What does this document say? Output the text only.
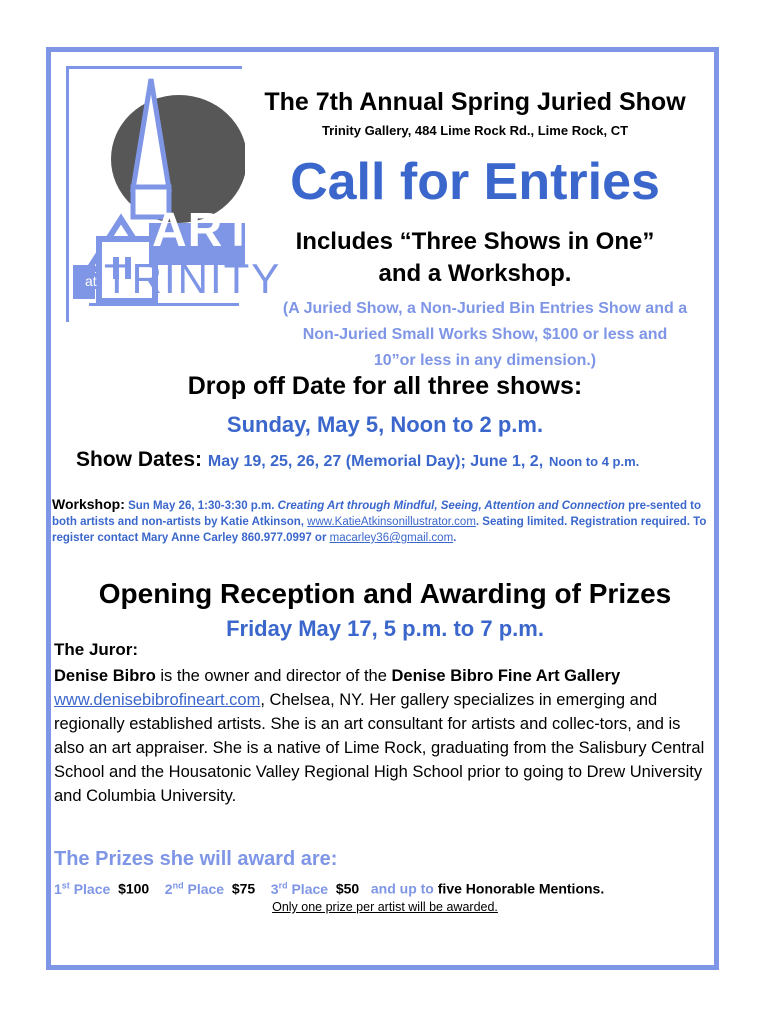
ART
at TRINITY
The 7th Annual Spring Juried Show
Trinity Gallery, 484 Lime Rock Rd., Lime Rock, CT
Call for Entries
Includes “Three Shows in One”
and a Workshop.
(A Juried Show, a Non-Juried Bin Entries Show and a
Non-Juried Small Works Show, $100 or less and
10”or less in any dimension.)
Drop off Date for all three shows:
Sunday, May 5, Noon to 2 p.m.
Show Dates: May 19, 25, 26, 27 (Memorial Day); June 1, 2, Noon to 4 p.m.
Workshop: Sun May 26, 1:30-3:30 p.m. Creating Art through Mindful, Seeing, Attention and Connection pre-sented to both artists and non-artists by Katie Atkinson, www.KatieAtkinsonillustrator.com. Seating limited. Registration required. To register contact Mary Anne Carley 860.977.0997 or macarley36@gmail.com.
Opening Reception and Awarding of Prizes
Friday May 17, 5 p.m. to 7 p.m.
The Juror:
Denise Bibro is the owner and director of the Denise Bibro Fine Art Gallery www.denisebibrofineart.com, Chelsea, NY. Her gallery specializes in emerging and regionally established artists. She is an art consultant for artists and collec-tors, and is also an art appraiser. She is a native of Lime Rock, graduating from the Salisbury Central School and the Housatonic Valley Regional High School prior to going to Drew University and Columbia University.
The Prizes she will award are:
1st Place $100 2nd Place $75 3rd Place $50 and up to five Honorable Mentions.
Only one prize per artist will be awarded.
